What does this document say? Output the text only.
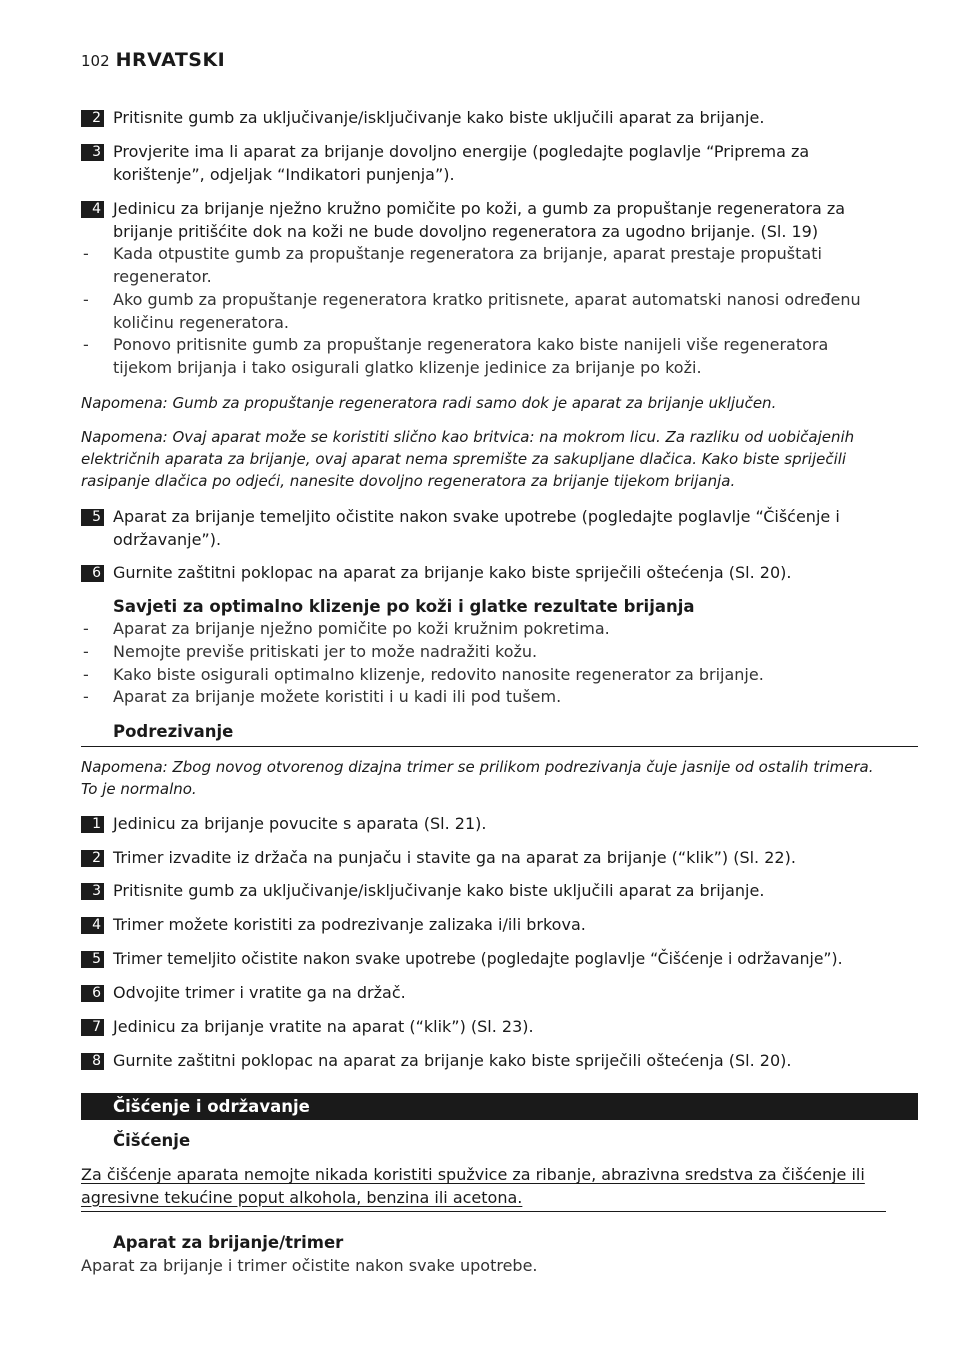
102 HRVATSKI
2 Pritisnite gumb za uključivanje/isključivanje kako biste uključili aparat za brijanje.
3 Provjerite ima li aparat za brijanje dovoljno energije (pogledajte poglavlje “Priprema za
korištenje”, odjeljak “Indikatori punjenja”).
4 Jedinicu za brijanje nježno kružno pomičite po koži, a gumb za propuštanje regeneratora za
brijanje pritišćite dok na koži ne bude dovoljno regeneratora za ugodno brijanje. (Sl. 19)
- Kada otpustite gumb za propuštanje regeneratora za brijanje, aparat prestaje propuštati
regenerator.
- Ako gumb za propuštanje regeneratora kratko pritisnete, aparat automatski nanosi određenu
količinu regeneratora.
- Ponovo pritisnite gumb za propuštanje regeneratora kako biste nanijeli više regeneratora
tijekom brijanja i tako osigurali glatko klizenje jedinice za brijanje po koži.
Napomena: Gumb za propuštanje regeneratora radi samo dok je aparat za brijanje uključen.
Napomena: Ovaj aparat može se koristiti slično kao britvica: na mokrom licu. Za razliku od uobičajenih
električnih aparata za brijanje, ovaj aparat nema spremište za sakupljane dlačica. Kako biste spriječili
rasipanje dlačica po odjeći, nanesite dovoljno regeneratora za brijanje tijekom brijanja.
5 Aparat za brijanje temeljito očistite nakon svake upotrebe (pogledajte poglavlje “Čišćenje i
održavanje”).
6 Gurnite zaštitni poklopac na aparat za brijanje kako biste spriječili oštećenja (Sl. 20).
Savjeti za optimalno klizenje po koži i glatke rezultate brijanja
- Aparat za brijanje nježno pomičite po koži kružnim pokretima.
- Nemojte previše pritiskati jer to može nadražiti kožu.
- Kako biste osigurali optimalno klizenje, redovito nanosite regenerator za brijanje.
- Aparat za brijanje možete koristiti i u kadi ili pod tušem.
Podrezivanje
Napomena: Zbog novog otvorenog dizajna trimer se prilikom podrezivanja čuje jasnije od ostalih trimera.
To je normalno.
1 Jedinicu za brijanje povucite s aparata (Sl. 21).
2 Trimer izvadite iz držača na punjaču i stavite ga na aparat za brijanje (“klik”) (Sl. 22).
3 Pritisnite gumb za uključivanje/isključivanje kako biste uključili aparat za brijanje.
4 Trimer možete koristiti za podrezivanje zalizaka i/ili brkova.
5 Trimer temeljito očistite nakon svake upotrebe (pogledajte poglavlje “Čišćenje i održavanje”).
6 Odvojite trimer i vratite ga na držač.
7 Jedinicu za brijanje vratite na aparat (“klik”) (Sl. 23).
8 Gurnite zaštitni poklopac na aparat za brijanje kako biste spriječili oštećenja (Sl. 20).
Čišćenje i održavanje
Čišćenje
Za čišćenje aparata nemojte nikada koristiti spužvice za ribanje, abrazivna sredstva za čišćenje ili
agresivne tekućine poput alkohola, benzina ili acetona.
Aparat za brijanje/trimer
Aparat za brijanje i trimer očistite nakon svake upotrebe.
